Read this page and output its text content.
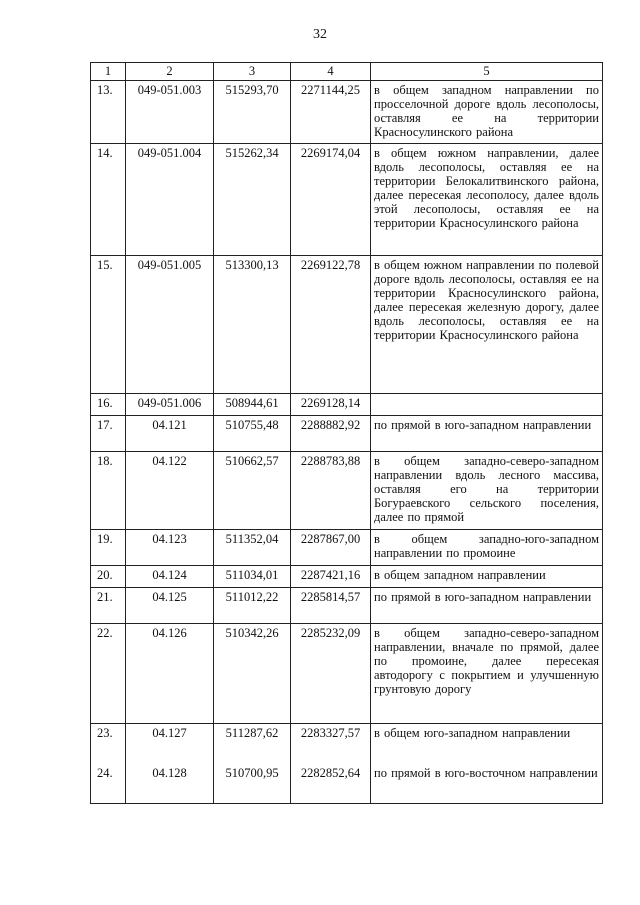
32
1	2	3	4	5
13.	049-051.003	515293,70	2271144,25	в общем западном направлении по просселочной дороге вдоль лесополосы, оставляя ее на территории Красносулинского района
14.	049-051.004	515262,34	2269174,04	в общем южном направлении, далее вдоль лесополосы, оставляя ее на территории Белокалитвинского района, далее пересекая лесополосу, далее вдоль этой лесополосы, оставляя ее на территории Красносулинского района
15.	049-051.005	513300,13	2269122,78	в общем южном направлении по полевой дороге вдоль лесополосы, оставляя ее на территории Красносулинского района, далее пересекая железную дорогу, далее вдоль лесополосы, оставляя ее на территории Красносулинского района
16.	049-051.006	508944,61	2269128,14	
17.	04.121	510755,48	2288882,92	по прямой в юго-западном направлении
18.	04.122	510662,57	2288783,88	в общем западно-северо-западном направлении вдоль лесного массива, оставляя его на территории Богураевского сельского поселения, далее по прямой
19.	04.123	511352,04	2287867,00	в общем западно-юго-западном направлении по промоине
20.	04.124	511034,01	2287421,16	в общем западном направлении
21.	04.125	511012,22	2285814,57	по прямой в юго-западном направлении
22.	04.126	510342,26	2285232,09	в общем западно-северо-западном направлении, вначале по прямой, далее по промоине, далее пересекая автодорогу с покрытием и улучшенную грунтовую дорогу
23.	04.127	511287,62	2283327,57	в общем юго-западном направлении
24.	04.128	510700,95	2282852,64	по прямой в юго-восточном направлении
